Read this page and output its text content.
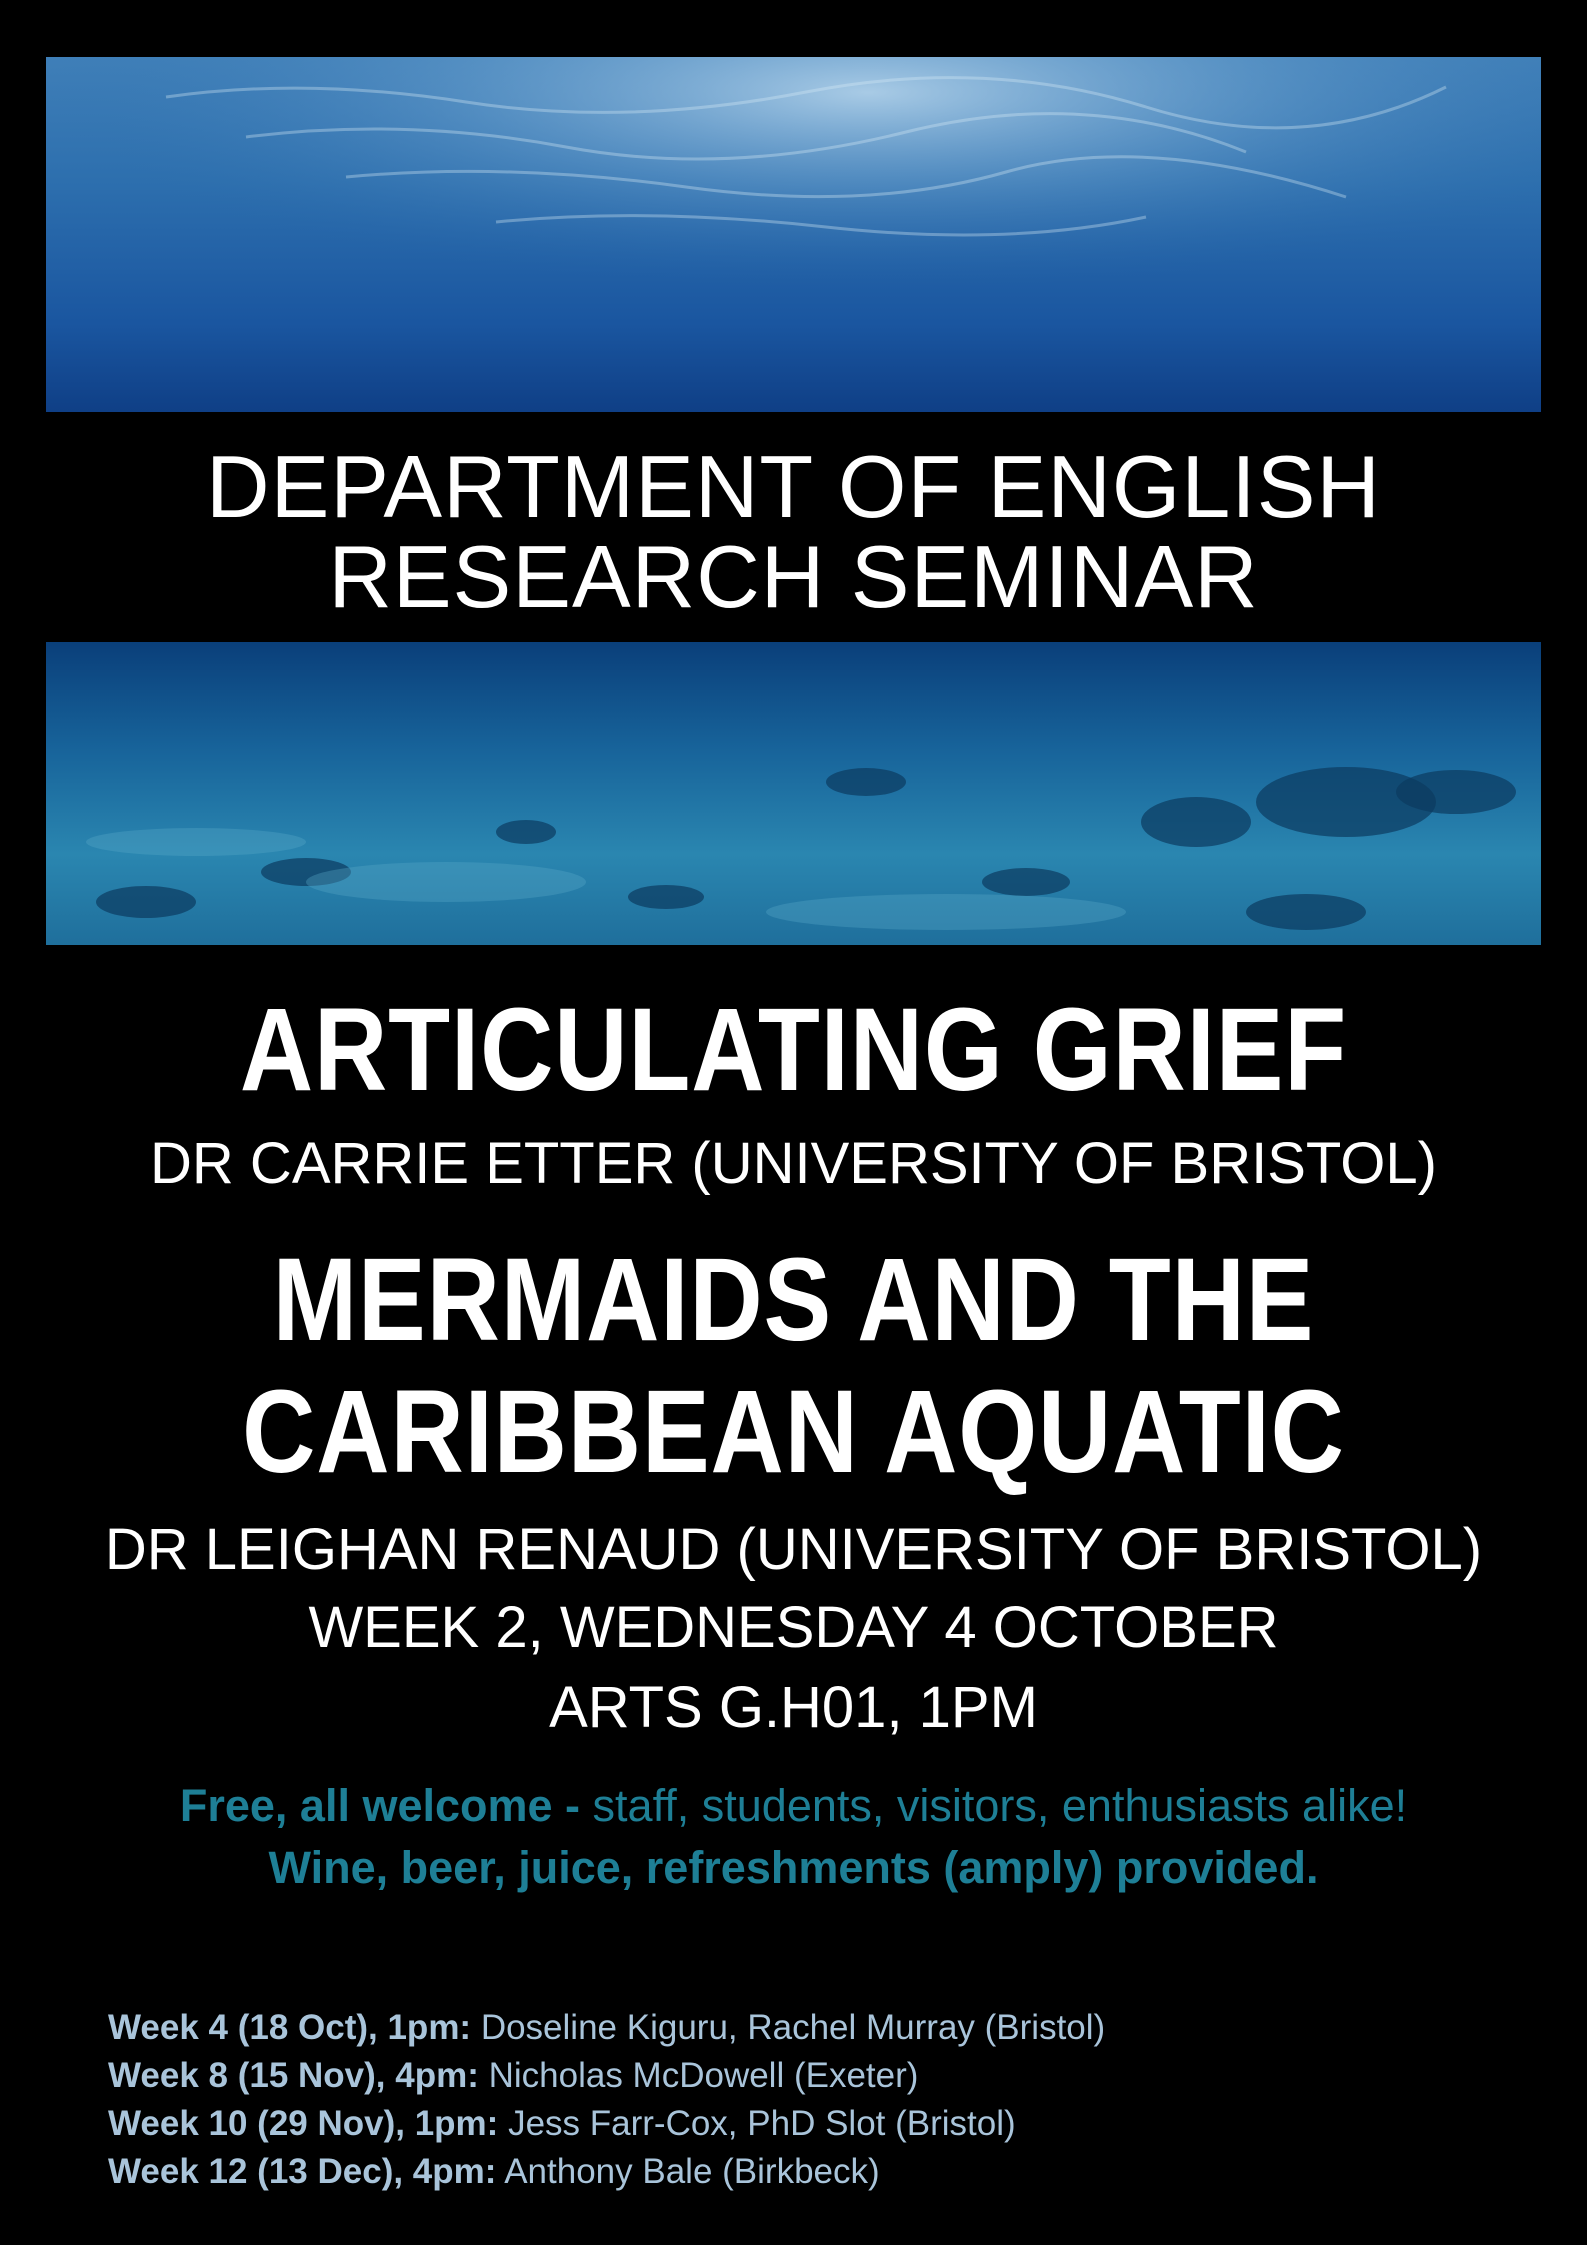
DEPARTMENT OF ENGLISH
RESEARCH SEMINAR
ARTICULATING GRIEF
DR CARRIE ETTER (UNIVERSITY OF BRISTOL)
MERMAIDS AND THE
CARIBBEAN AQUATIC
DR LEIGHAN RENAUD (UNIVERSITY OF BRISTOL)
WEEK 2, WEDNESDAY 4 OCTOBER
ARTS G.H01, 1PM
Free, all welcome - staff, students, visitors, enthusiasts alike!
Wine, beer, juice, refreshments (amply) provided.
Week 4 (18 Oct), 1pm: Doseline Kiguru, Rachel Murray (Bristol)
Week 8 (15 Nov), 4pm: Nicholas McDowell (Exeter)
Week 10 (29 Nov), 1pm: Jess Farr-Cox, PhD Slot (Bristol)
Week 12 (13 Dec), 4pm: Anthony Bale (Birkbeck)
